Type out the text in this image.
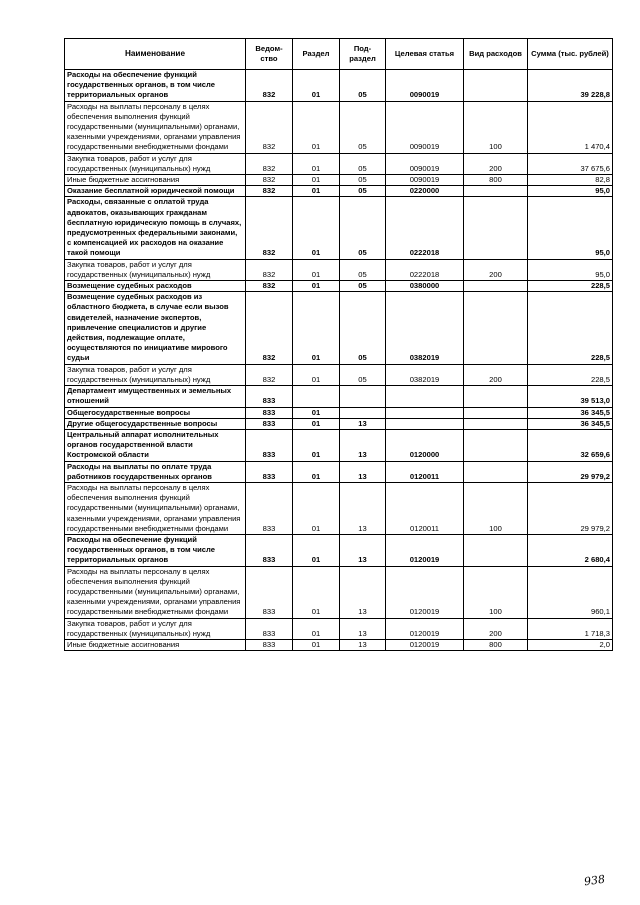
Наименование	Ведом-ство	Раздел	Под-раздел	Целевая статья	Вид расходов	Сумма (тыс. рублей)
Расходы на обеспечение функций государственных органов, в том числе территориальных органов	832	01	05	0090019		39 228,8
Расходы на выплаты персоналу в целях обеспечения выполнения функций государственными (муниципальными) органами, казенными учреждениями, органами управления государственными внебюджетными фондами	832	01	05	0090019	100	1 470,4
Закупка товаров, работ и услуг для государственных (муниципальных) нужд	832	01	05	0090019	200	37 675,6
Иные бюджетные ассигнования	832	01	05	0090019	800	82,8
Оказание бесплатной юридической помощи	832	01	05	0220000		95,0
Расходы, связанные с оплатой труда адвокатов, оказывающих гражданам бесплатную юридическую помощь в случаях, предусмотренных федеральными законами, с компенсацией их расходов на оказание такой помощи	832	01	05	0222018		95,0
Закупка товаров, работ и услуг для государственных (муниципальных) нужд	832	01	05	0222018	200	95,0
Возмещение судебных расходов	832	01	05	0380000		228,5
Возмещение судебных расходов из областного бюджета, в случае если вызов свидетелей, назначение экспертов, привлечение специалистов и другие действия, подлежащие оплате, осуществляются по инициативе мирового судьи	832	01	05	0382019		228,5
Закупка товаров, работ и услуг для государственных (муниципальных) нужд	832	01	05	0382019	200	228,5
Департамент имущественных и земельных отношений	833					39 513,0
Общегосударственные вопросы	833	01				36 345,5
Другие общегосударственные вопросы	833	01	13			36 345,5
Центральный аппарат исполнительных органов государственной власти Костромской области	833	01	13	0120000		32 659,6
Расходы на выплаты по оплате труда работников государственных органов	833	01	13	0120011		29 979,2
Расходы на выплаты персоналу в целях обеспечения выполнения функций государственными (муниципальными) органами, казенными учреждениями, органами управления государственными внебюджетными фондами	833	01	13	0120011	100	29 979,2
Расходы на обеспечение функций государственных органов, в том числе территориальных органов	833	01	13	0120019		2 680,4
Расходы на выплаты персоналу в целях обеспечения выполнения функций государственными (муниципальными) органами, казенными учреждениями, органами управления государственными внебюджетными фондами	833	01	13	0120019	100	960,1
Закупка товаров, работ и услуг для государственных (муниципальных) нужд	833	01	13	0120019	200	1 718,3
Иные бюджетные ассигнования	833	01	13	0120019	800	2,0
938
